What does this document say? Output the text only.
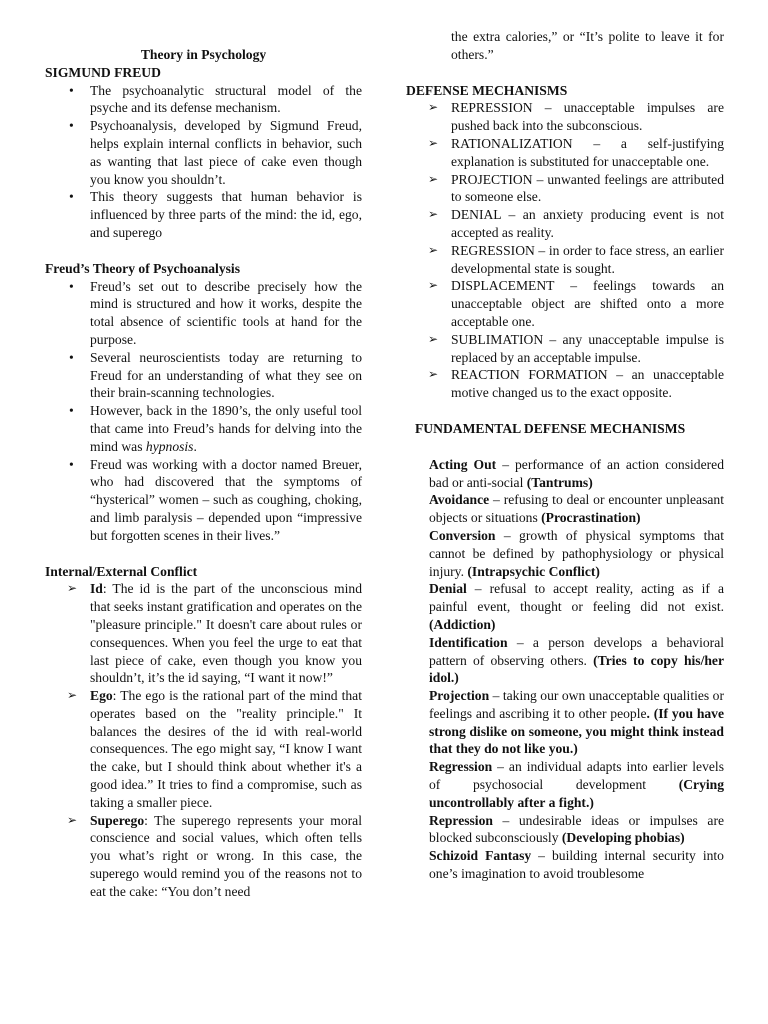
Theory in Psychology

SIGMUND FREUD

• The psychoanalytic structural model of the psyche and its defense mechanism.
• Psychoanalysis, developed by Sigmund Freud, helps explain internal conflicts in behavior, such as wanting that last piece of cake even though you know you shouldn’t.
• This theory suggests that human behavior is influenced by three parts of the mind: the id, ego, and superego

Freud’s Theory of Psychoanalysis

• Freud’s set out to describe precisely how the mind is structured and how it works, despite the total absence of scientific tools at hand for the purpose.
• Several neuroscientists today are returning to Freud for an understanding of what they see on their brain-scanning technologies.
• However, back in the 1890’s, the only useful tool that came into Freud’s hands for delving into the mind was hypnosis.
• Freud was working with a doctor named Breuer, who had discovered that the symptoms of “hysterical” women – such as coughing, choking, and limb paralysis – depended upon “impressive but forgotten scenes in their lives.”

Internal/External Conflict

➢ Id: The id is the part of the unconscious mind that seeks instant gratification and operates on the "pleasure principle." It doesn't care about rules or consequences. When you feel the urge to eat that last piece of cake, even though you know you shouldn’t, it’s the id saying, “I want it now!”
➢ Ego: The ego is the rational part of the mind that operates based on the "reality principle." It balances the desires of the id with real-world consequences. The ego might say, “I know I want the cake, but I should think about whether it's a good idea.” It tries to find a compromise, such as taking a smaller piece.
➢ Superego: The superego represents your moral conscience and social values, which often tells you what’s right or wrong. In this case, the superego would remind you of the reasons not to eat the cake: “You don’t need

the extra calories,” or “It’s polite to leave it for others.”

DEFENSE MECHANISMS

➢ REPRESSION – unacceptable impulses are pushed back into the subconscious.
➢ RATIONALIZATION – a self-justifying explanation is substituted for unacceptable one.
➢ PROJECTION – unwanted feelings are attributed to someone else.
➢ DENIAL – an anxiety producing event is not accepted as reality.
➢ REGRESSION – in order to face stress, an earlier developmental state is sought.
➢ DISPLACEMENT – feelings towards an unacceptable object are shifted onto a more acceptable one.
➢ SUBLIMATION – any unacceptable impulse is replaced by an acceptable impulse.
➢ REACTION FORMATION – an unacceptable motive changed us to the exact opposite.

FUNDAMENTAL DEFENSE MECHANISMS

Acting Out – performance of an action considered bad or anti-social (Tantrums)

Avoidance – refusing to deal or encounter unpleasant objects or situations (Procrastination)

Conversion – growth of physical symptoms that cannot be defined by pathophysiology or physical injury. (Intrapsychic Conflict)

Denial – refusal to accept reality, acting as if a painful event, thought or feeling did not exist. (Addiction)

Identification – a person develops a behavioral pattern of observing others. (Tries to copy his/her idol.)

Projection – taking our own unacceptable qualities or feelings and ascribing it to other people. (If you have strong dislike on someone, you might think instead that they do not like you.)

Regression – an individual adapts into earlier levels of psychosocial development (Crying uncontrollably after a fight.)

Repression – undesirable ideas or impulses are blocked subconsciously (Developing phobias)

Schizoid Fantasy – building internal security into one’s imagination to avoid troublesome
